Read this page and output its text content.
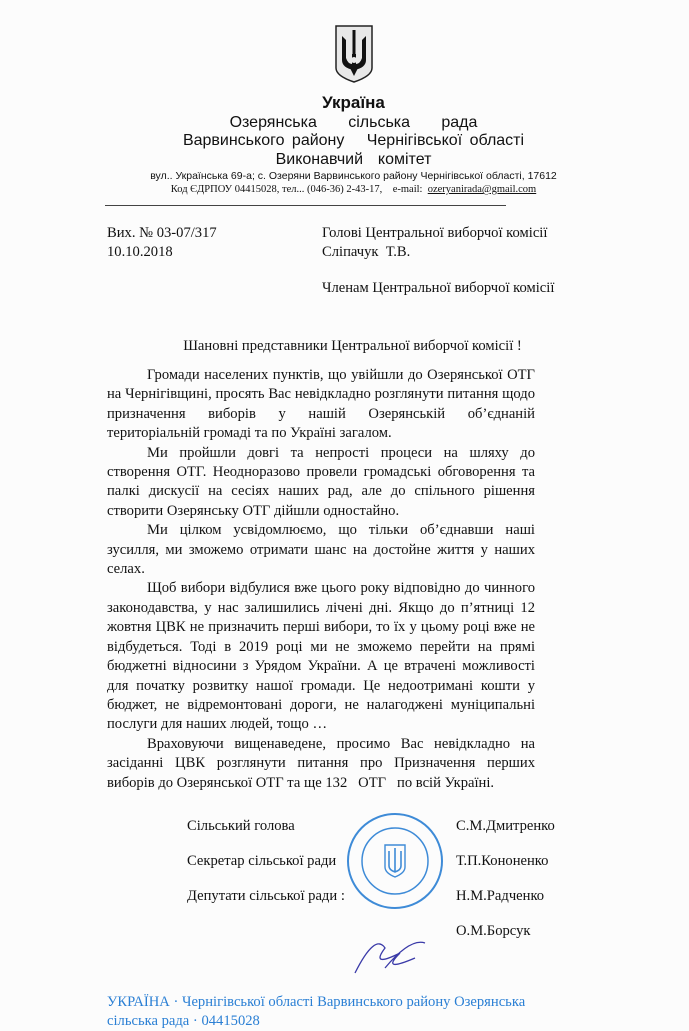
Україна
Озерянська   сільська   рада
Варвинського району   Чернігівської області
Виконавчий  комітет
вул.. Українська 69-а; с. Озеряни Варвинського району Чернігівської області, 17612
Код ЄДРПОУ 04415028, тел... (046-36) 2-43-17, e-mail: ozeryanirada@gmail.com
Вих. № 03-07/317
10.10.2018
Голові Центральної виборчої комісії
Сліпачук  Т.В.
Членам Центральної виборчої комісії
Шановні представники Центральної виборчої комісії !

Громади населених пунктів, що увійшли до Озерянської ОТГ на Чернігівщині, просять Вас невідкладно розглянути питання щодо призначення виборів у нашій Озерянській об’єднаній територіальній громаді та по Україні загалом.

Ми пройшли довгі та непрості процеси на шляху до створення ОТГ. Неодноразово провели громадські обговорення та палкі дискусії на сесіях наших рад, але до спільного рішення створити Озерянську ОТГ дійшли одностайно.

Ми цілком усвідомлюємо, що тільки об’єднавши наші зусилля, ми зможемо отримати шанс на достойне життя у наших селах.

Щоб вибори відбулися вже цього року відповідно до чинного законодавства, у нас залишились лічені дні. Якщо до п’ятниці 12 жовтня ЦВК не призначить перші вибори, то їх у цьому році вже не відбудеться. Тоді в 2019 році ми не зможемо перейти на прямі бюджетні відносини з Урядом України. А це втрачені можливості для початку розвитку нашої громади. Це недоотримані кошти у бюджет, не відремонтовані дороги, не налагоджені муніципальні послуги для наших людей, тощо …

Враховуючи вищенаведене, просимо Вас невідкладно на засіданні ЦВК розглянути питання про Призначення перших виборів до Озерянської ОТГ та ще 132   ОТГ   по всій Україні.

Сільський голова	С.М.Дмитренко
Секретар сільської ради	Т.П.Кононенко
Депутати сільської ради :	Н.М.Радченко
О.М.Борсук
УКРАЇНА · Чернігівської області Варвинського району Озерянська сільська рада · 04415028
